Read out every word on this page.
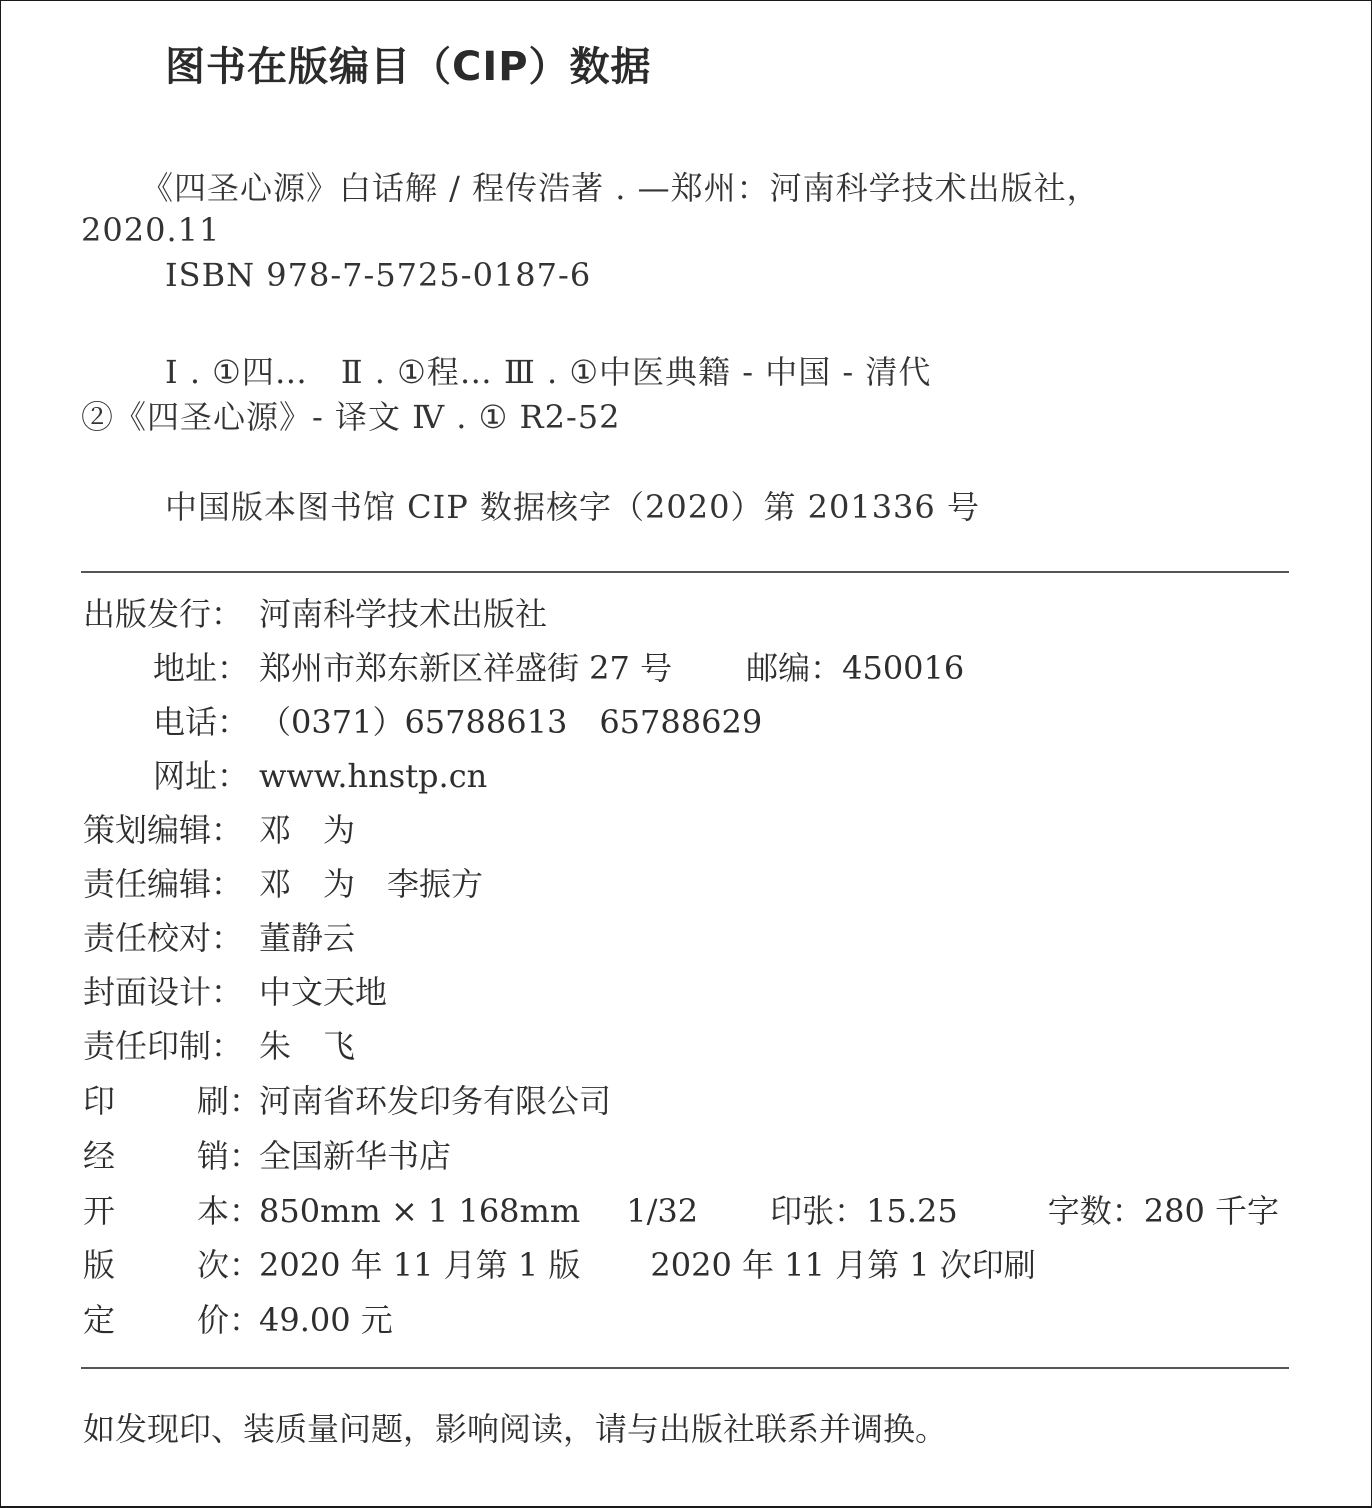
图书在版编目（CIP）数据
《四圣心源》白话解 / 程传浩著 . —郑州：河南科学技术出版社，
2020.11
ISBN 978-7-5725-0187-6
Ⅰ . ①四…　Ⅱ . ①程… Ⅲ . ①中医典籍 - 中国 - 清代
②《四圣心源》- 译文 Ⅳ . ① R2-52
中国版本图书馆 CIP 数据核字（2020）第 201336 号
出版发行： 河南科学技术出版社
地址： 郑州市郑东新区祥盛街 27 号 邮编：450016
电话： （0371）65788613　65788629
网址： www.hnstp.cn
策划编辑： 邓　为
责任编辑： 邓　为　李振方
责任校对： 董静云
封面设计： 中文天地
责任印制： 朱　飞
印	刷：河南省环发印务有限公司
经	销：全国新华书店
开	本：850mm × 1 168mm 1/32 印张：15.25	字数：280 千字
版	次：2020 年 11 月第 1 版 2020 年 11 月第 1 次印刷
定	价：49.00 元
如发现印、装质量问题，影响阅读，请与出版社联系并调换。
